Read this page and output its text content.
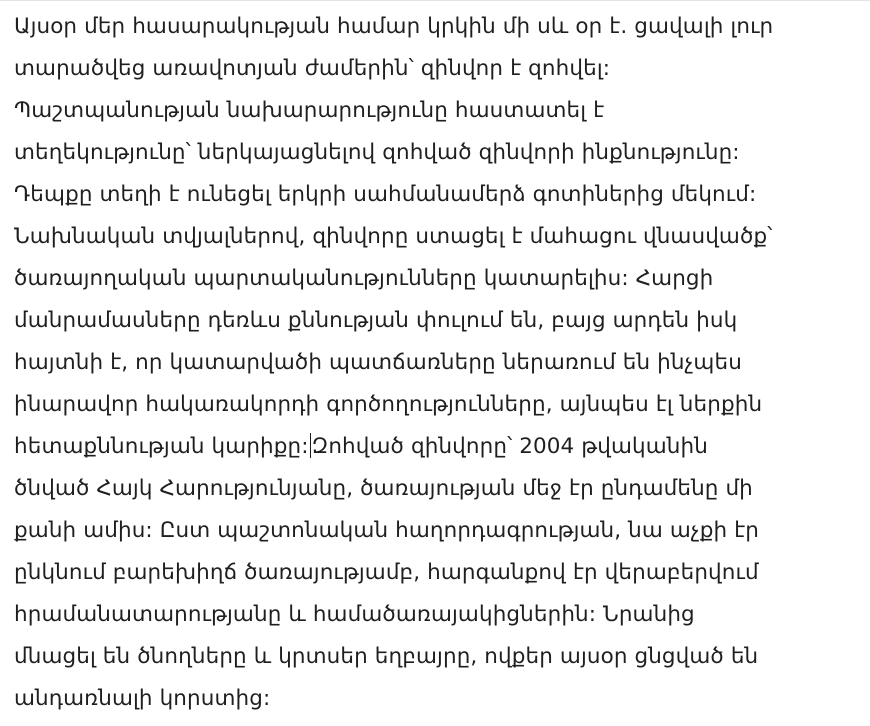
Այսօր մեր հասարակության համար կրկին մի սև օր է. ցավալի լուր
տարածվեց առավոտյան ժամերին՝ զինվոր է զոհվել:
Պաշտպանության նախարարությունը հաստատել է
տեղեկությունը՝ ներկայացնելով զոհված զինվորի ինքնությունը:
Դեպքը տեղի է ունեցել երկրի սահմանամերձ գոտիներից մեկում:
Նախնական տվյալներով, զինվորը ստացել է մահացու վնասվածք՝
ծառայողական պարտականությունները կատարելիս: Հարցի
մանրամասները դեռևս քննության փուլում են, բայց արդեն իսկ
հայտնի է, որ կատարվածի պատճառները ներառում են ինչպես
ինարավոր հակառակորդի գործողությունները, այնպես էլ ներքին
հետաքննության կարիքը: Զոհված զինվորը՝ 2004 թվականին
ծնված Հայկ Հարությունյանը, ծառայության մեջ էր ընդամենը մի
քանի ամիս: Ըստ պաշտոնական հաղորդագրության, նա աչքի էր
ընկնում բարեխիղճ ծառայությամբ, հարգանքով էր վերաբերվում
հրամանատարությանը և համածառայակիցներին: Նրանից
մնացել են ծնողները և կրտսեր եղբայրը, ովքեր այսօր ցնցված են
անդառնալի կորստից:
